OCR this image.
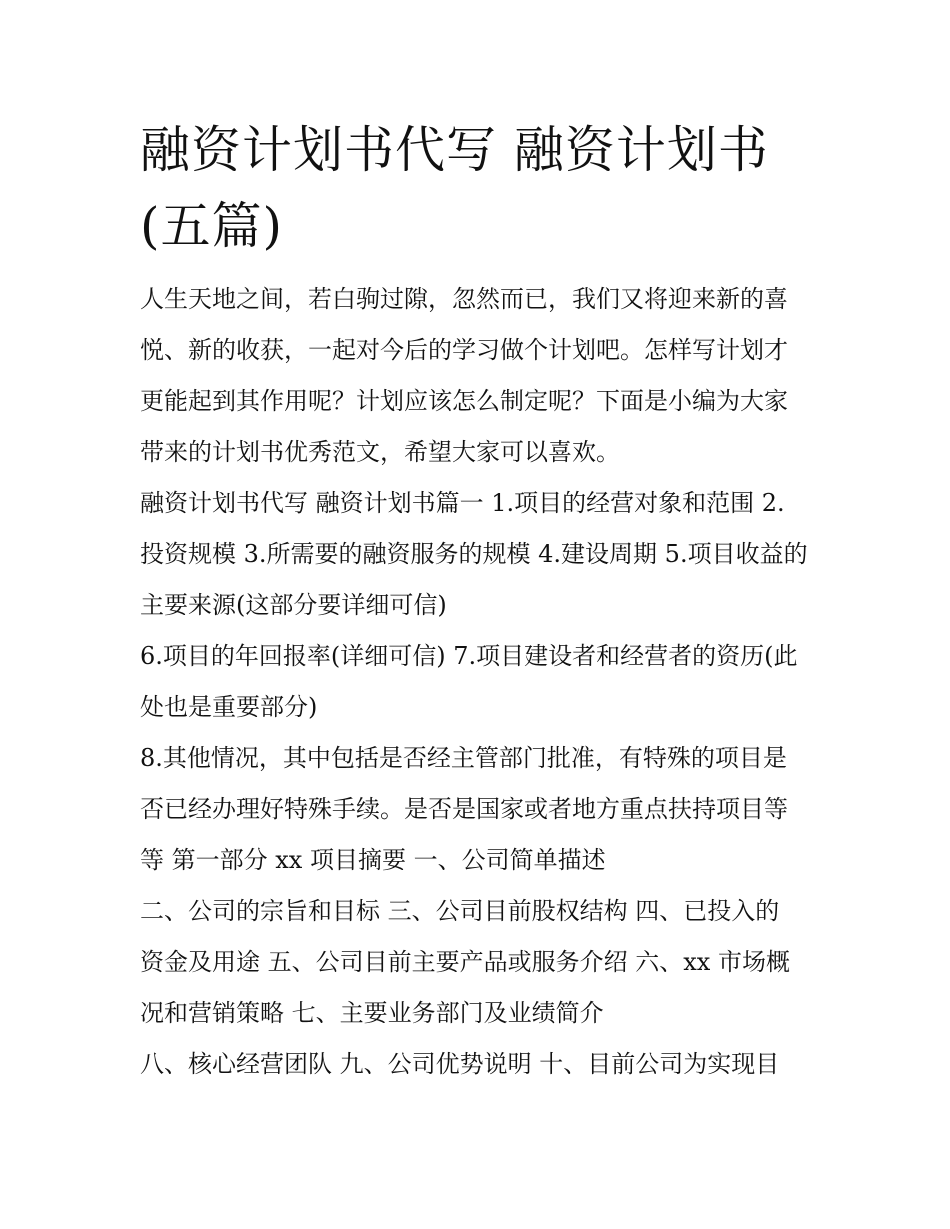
融资计划书代写 融资计划书
(五篇)
人生天地之间，若白驹过隙，忽然而已，我们又将迎来新的喜
悦、新的收获，一起对今后的学习做个计划吧。怎样写计划才
更能起到其作用呢？计划应该怎么制定呢？下面是小编为大家
带来的计划书优秀范文，希望大家可以喜欢。
融资计划书代写 融资计划书篇一 1.项目的经营对象和范围 2.
投资规模 3.所需要的融资服务的规模 4.建设周期 5.项目收益的
主要来源(这部分要详细可信)
6.项目的年回报率(详细可信) 7.项目建设者和经营者的资历(此
处也是重要部分)
8.其他情况，其中包括是否经主管部门批准，有特殊的项目是
否已经办理好特殊手续。是否是国家或者地方重点扶持项目等
等 第一部分 xx 项目摘要 一、公司简单描述
二、公司的宗旨和目标 三、公司目前股权结构 四、已投入的
资金及用途 五、公司目前主要产品或服务介绍 六、xx 市场概
况和营销策略 七、主要业务部门及业绩简介
八、核心经营团队 九、公司优势说明 十、目前公司为实现目
